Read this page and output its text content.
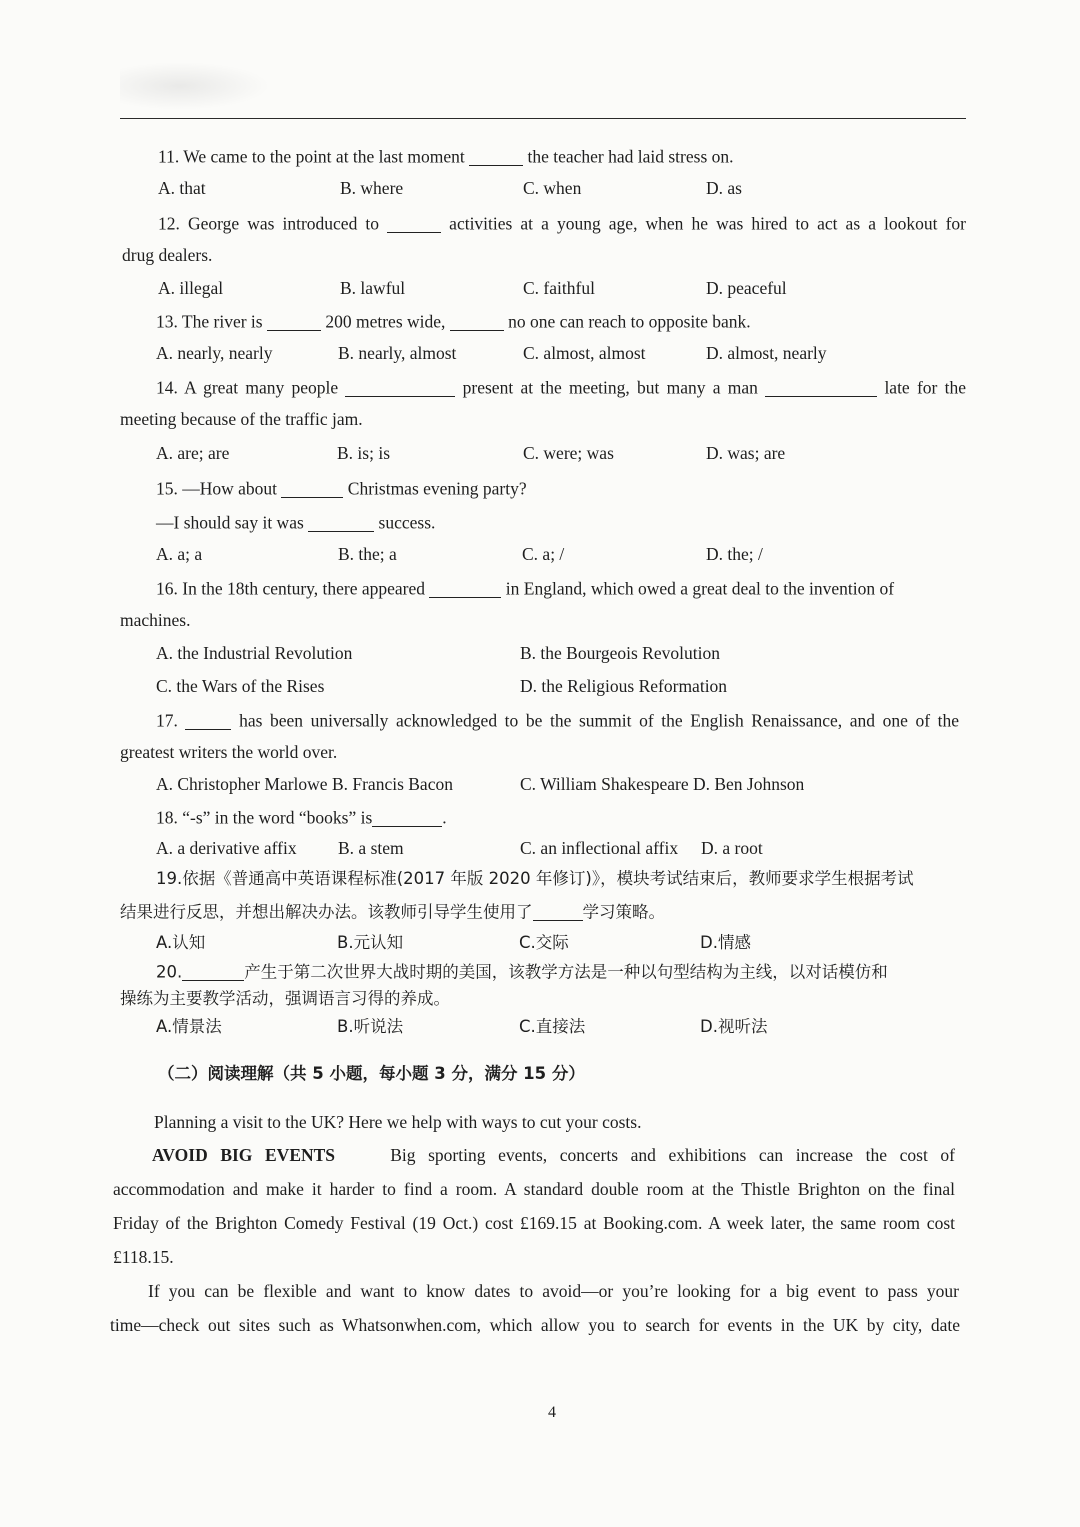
11. We came to the point at the last moment	the teacher had laid stress on.
A. that	B. where	C. when	D. as
12. George was introduced to	activities at a young age, when he was hired to act as a lookout for
drug dealers.
A. illegal	B. lawful	C. faithful	D. peaceful
13. The river is	200 metres wide,	no one can reach to opposite bank.
A. nearly, nearly	B. nearly, almost	C. almost, almost	D. almost, nearly
14. A great many people	present at the meeting, but many a man	late for the
meeting because of the traffic jam.
A. are; are	B. is; is	C. were; was	D. was; are
15. —How about	Christmas evening party?
—I should say it was	success.
A. a; a	B. the; a	C. a; /	D. the; /
16. In the 18th century, there appeared	in England, which owed a great deal to the invention of
machines.
A. the Industrial Revolution	B. the Bourgeois Revolution
C. the Wars of the Rises	D. the Religious Reformation
17.	has been universally acknowledged to be the summit of the English Renaissance, and one of the
greatest writers the world over.
A. Christopher Marlowe B. Francis Bacon	C. William Shakespeare D. Ben Johnson
18. “-s” in the word “books” is	.
A. a derivative affix B. a stem	C. an inflectional affix D. a root
19.依据《普通高中英语课程标准(2017 年版 2020 年修订)》，模块考试结束后，教师要求学生根据考试
结果进行反思，并想出解决办法。该教师引导学生使用了	学习策略。
A.认知	B.元认知	C.交际	D.情感
20.	产生于第二次世界大战时期的美国，该教学方法是一种以句型结构为主线，以对话模仿和
操练为主要教学活动，强调语言习得的养成。
A.情景法	B.听说法	C.直接法	D.视听法
（二）阅读理解（共 5 小题，每小题 3 分，满分 15 分）
Planning a visit to the UK? Here we help with ways to cut your costs.
AVOID BIG EVENTS	Big sporting events, concerts and exhibitions can increase the cost of
accommodation and make it harder to find a room. A standard double room at the Thistle Brighton on the final
Friday of the Brighton Comedy Festival (19 Oct.) cost £169.15 at Booking.com. A week later, the same room cost
£118.15.
If you can be flexible and want to know dates to avoid—or you’re looking for a big event to pass your
time—check out sites such as Whatsonwhen.com, which allow you to search for events in the UK by city, date
4
